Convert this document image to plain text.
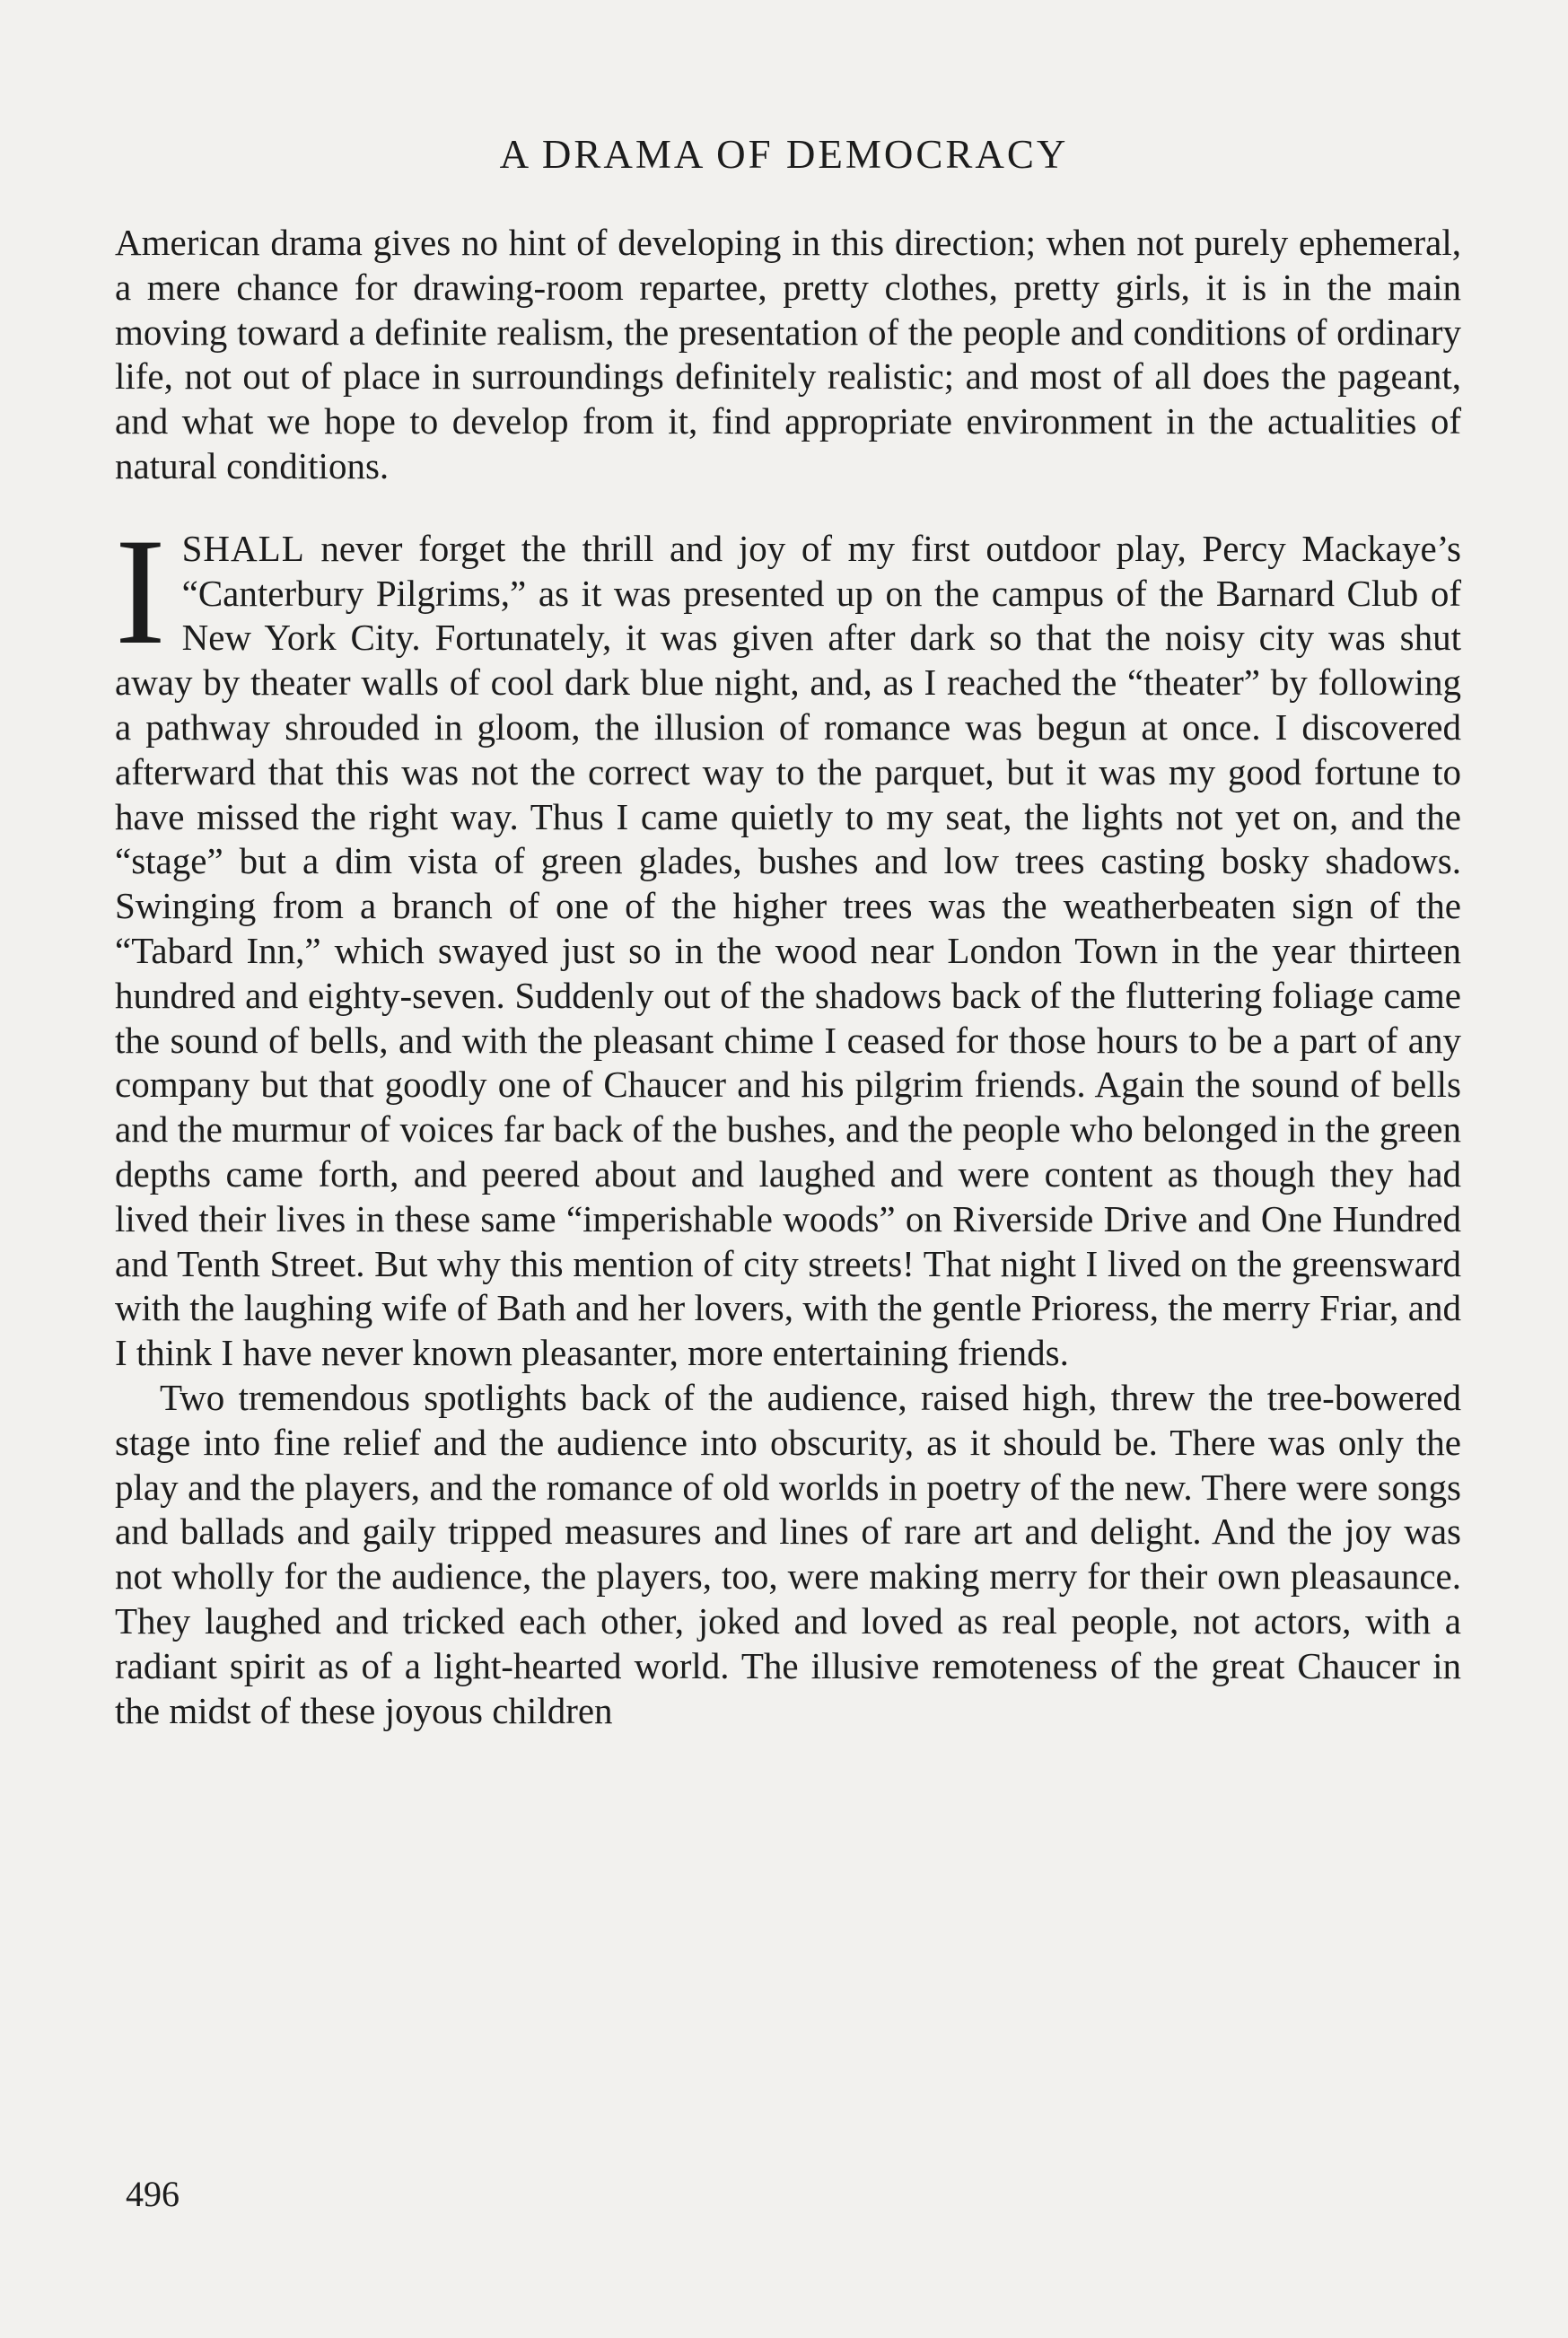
A DRAMA OF DEMOCRACY

American drama gives no hint of developing in this direction; when not purely ephemeral, a mere chance for drawing-room repartee, pretty clothes, pretty girls, it is in the main moving toward a definite realism, the presentation of the people and conditions of ordinary life, not out of place in surroundings definitely realistic; and most of all does the pageant, and what we hope to develop from it, find appropriate environment in the actualities of natural conditions.

ISHALL never forget the thrill and joy of my first outdoor play, Percy Mackaye’s “Canterbury Pilgrims,” as it was presented up on the campus of the Barnard Club of New York City. Fortunately, it was given after dark so that the noisy city was shut away by theater walls of cool dark blue night, and, as I reached the “theater” by following a pathway shrouded in gloom, the illusion of romance was begun at once. I discovered afterward that this was not the correct way to the parquet, but it was my good fortune to have missed the right way. Thus I came quietly to my seat, the lights not yet on, and the “stage” but a dim vista of green glades, bushes and low trees casting bosky shadows. Swinging from a branch of one of the higher trees was the weatherbeaten sign of the “Tabard Inn,” which swayed just so in the wood near London Town in the year thirteen hundred and eighty-seven. Suddenly out of the shadows back of the fluttering foliage came the sound of bells, and with the pleasant chime I ceased for those hours to be a part of any company but that goodly one of Chaucer and his pilgrim friends. Again the sound of bells and the murmur of voices far back of the bushes, and the people who belonged in the green depths came forth, and peered about and laughed and were content as though they had lived their lives in these same “imperishable woods” on Riverside Drive and One Hundred and Tenth Street. But why this mention of city streets! That night I lived on the greensward with the laughing wife of Bath and her lovers, with the gentle Prioress, the merry Friar, and I think I have never known pleasanter, more entertaining friends.

Two tremendous spotlights back of the audience, raised high, threw the tree-bowered stage into fine relief and the audience into obscurity, as it should be. There was only the play and the players, and the romance of old worlds in poetry of the new. There were songs and ballads and gaily tripped measures and lines of rare art and delight. And the joy was not wholly for the audience, the players, too, were making merry for their own pleasaunce. They laughed and tricked each other, joked and loved as real people, not actors, with a radiant spirit as of a light-hearted world. The illusive remoteness of the great Chaucer in the midst of these joyous children

496
